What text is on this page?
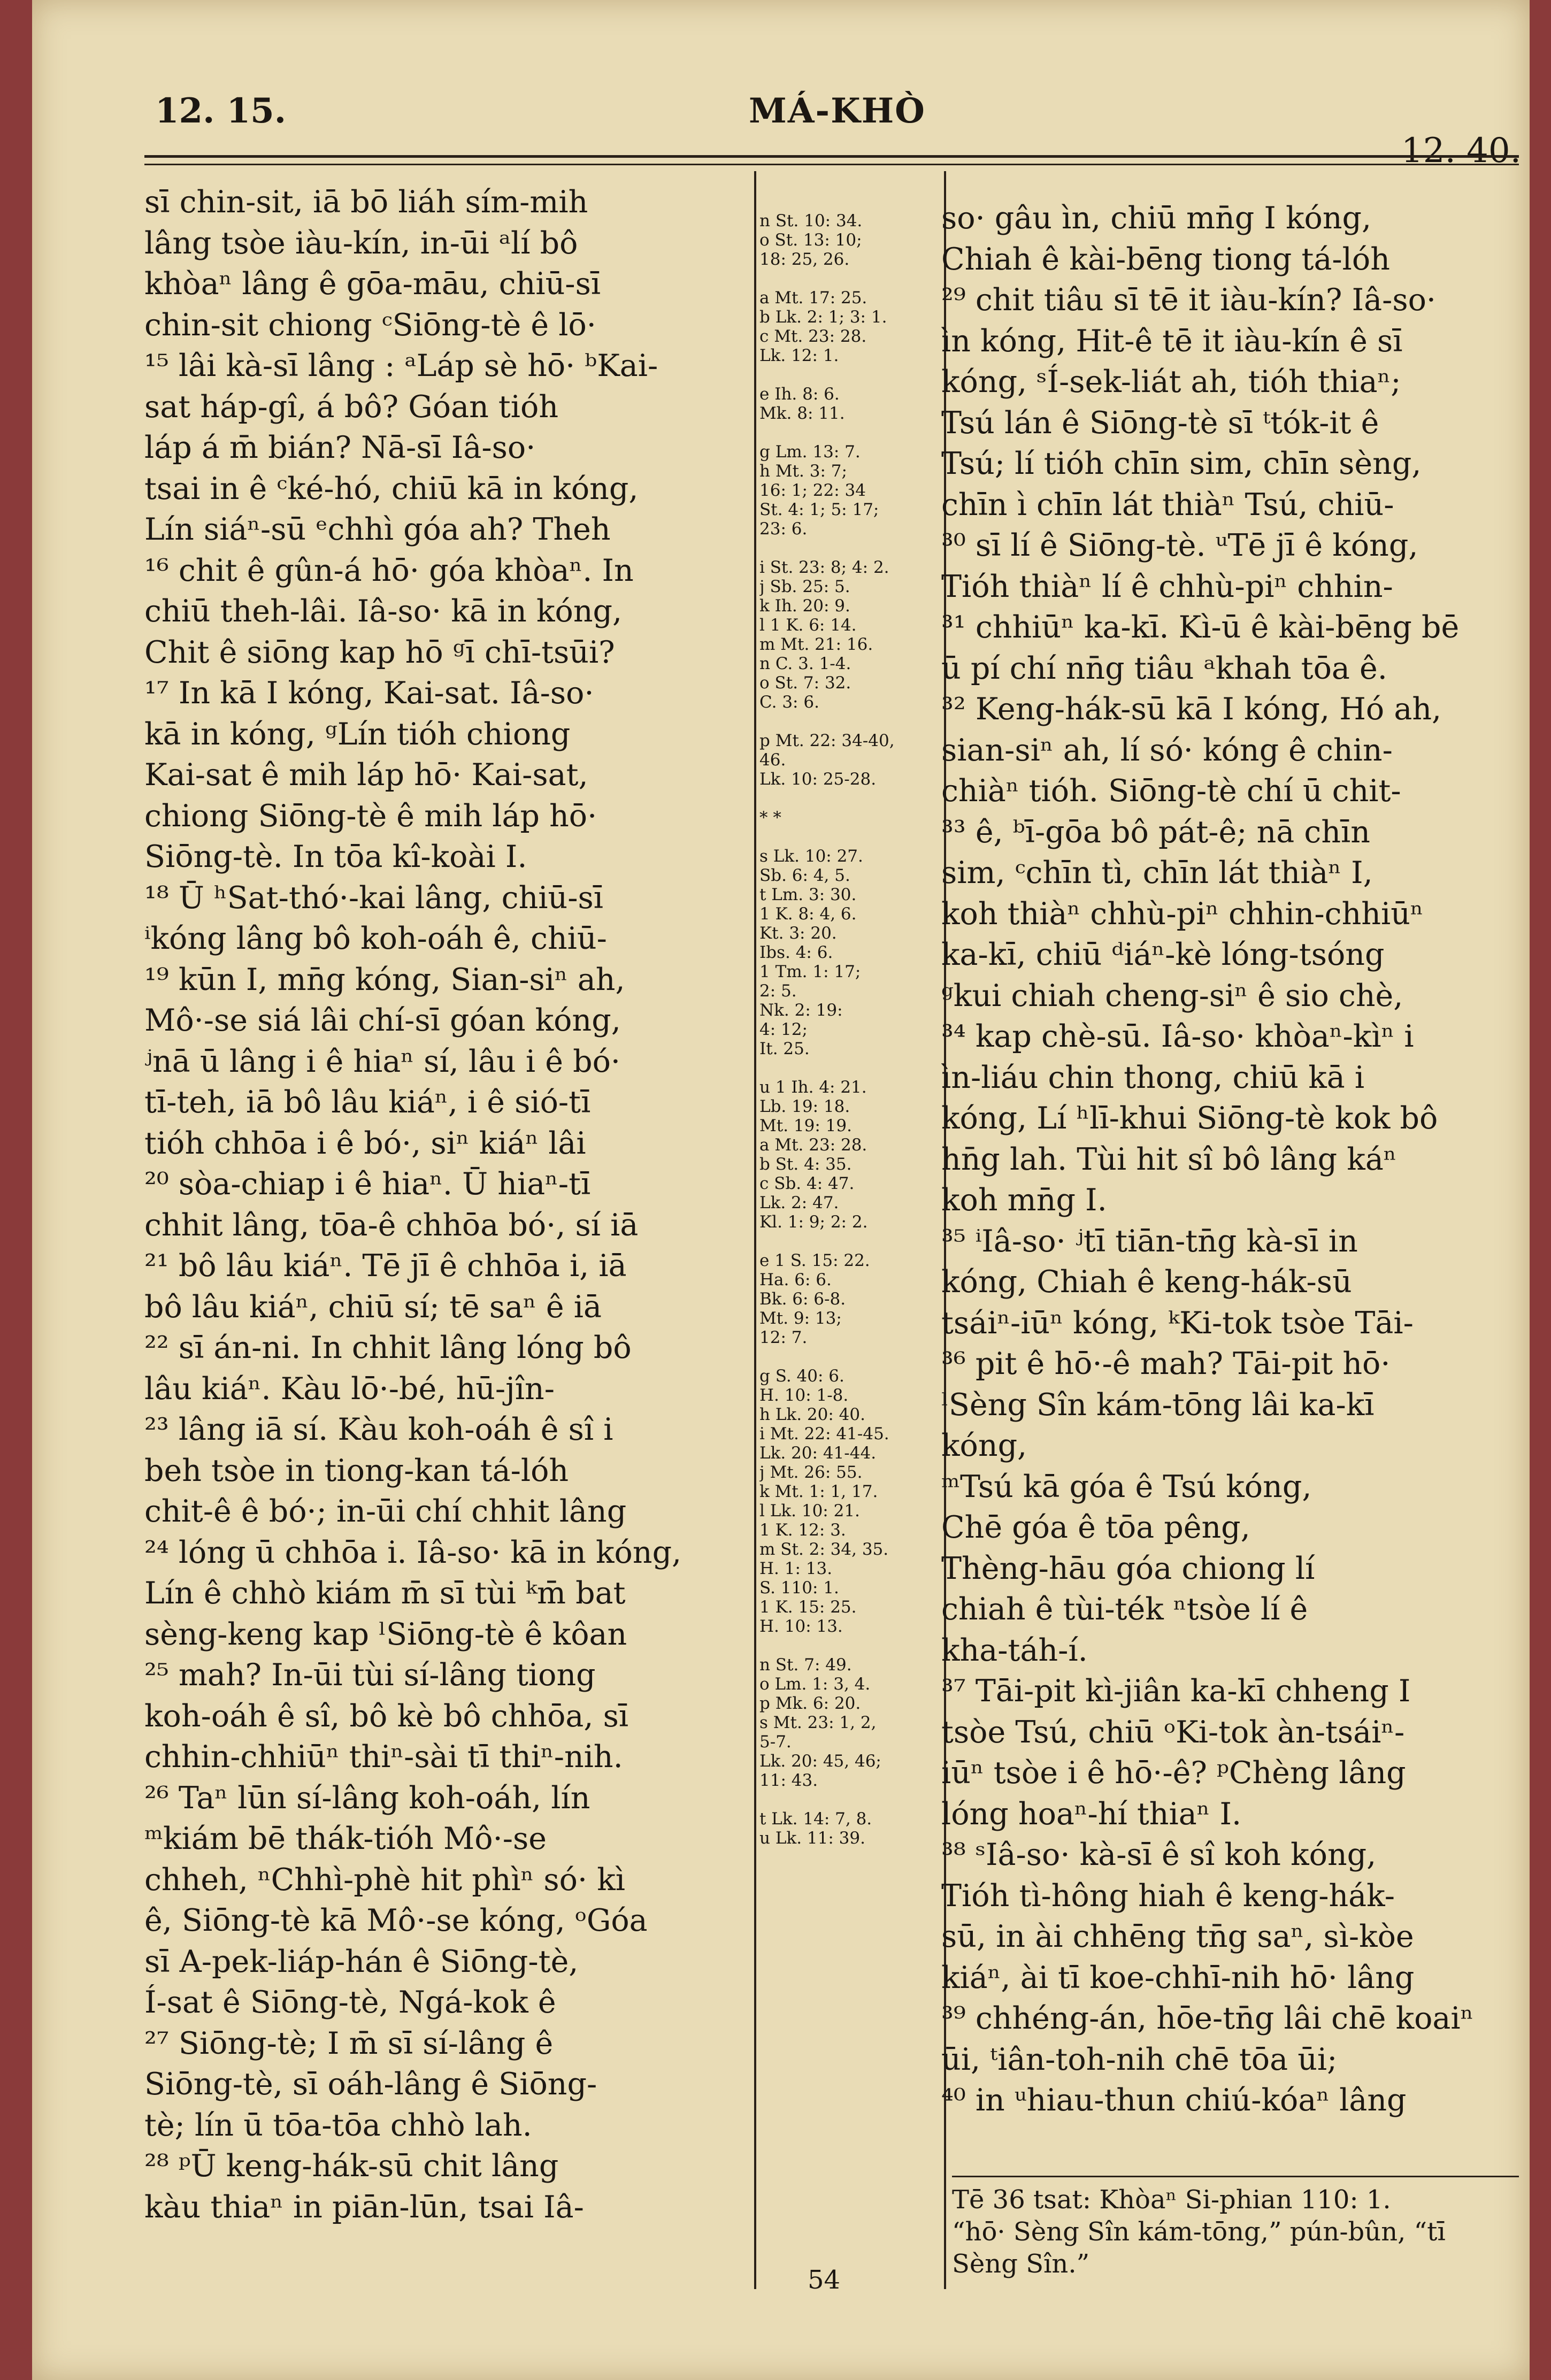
12. 15.	MÁ-KHÒ
12. 40.
sī chin-sit, iā bō liáh sím-mih
lâng tsòe iàu-kín, in-ūi ᵃlí bô
khòaⁿ lâng ê gōa-māu, chiū-sī
chin-sit chiong ᶜSiōng-tè ê lō·
¹⁵ lâi kà-sī lâng : ᵃLáp sè hō· ᵇKai-
sat háp-gî, á bô? Góan tióh
láp á m̄ bián? Nā-sī Iâ-so·
tsai in ê ᶜké-hó, chiū kā in kóng,
Lín siáⁿ-sū ᵉchhì góa ah? Theh
¹⁶ chit ê gûn-á hō· góa khòaⁿ. In
chiū theh-lâi. Iâ-so· kā in kóng,
Chit ê siōng kap hō ᵍī chī-tsūi?
¹⁷ In kā I kóng, Kai-sat. Iâ-so·
kā in kóng, ᵍLín tióh chiong
Kai-sat ê mih láp hō· Kai-sat,
chiong Siōng-tè ê mih láp hō·
Siōng-tè. In tōa kî-koài I.
¹⁸ Ū ʰSat-thó·-kai lâng, chiū-sī
ⁱkóng lâng bô koh-oáh ê, chiū-
¹⁹ kūn I, mn̄g kóng, Sian-siⁿ ah,
Mô·-se siá lâi chí-sī góan kóng,
ʲnā ū lâng i ê hiaⁿ sí, lâu i ê bó·
tī-teh, iā bô lâu kiáⁿ, i ê sió-tī
tióh chhōa i ê bó·, siⁿ kiáⁿ lâi
²⁰ sòa-chiap i ê hiaⁿ. Ū hiaⁿ-tī
chhit lâng, tōa-ê chhōa bó·, sí iā
²¹ bô lâu kiáⁿ. Tē jī ê chhōa i, iā
bô lâu kiáⁿ, chiū sí; tē saⁿ ê iā
²² sī án-ni. In chhit lâng lóng bô
lâu kiáⁿ. Kàu lō·-bé, hū-jîn-
²³ lâng iā sí. Kàu koh-oáh ê sî i
beh tsòe in tiong-kan tá-lóh
chit-ê ê bó·; in-ūi chí chhit lâng
²⁴ lóng ū chhōa i. Iâ-so· kā in kóng,
Lín ê chhò kiám m̄ sī tùi ᵏm̄ bat
sèng-keng kap ˡSiōng-tè ê kôan
²⁵ mah? In-ūi tùi sí-lâng tiong
koh-oáh ê sî, bô kè bô chhōa, sī
chhin-chhiūⁿ thiⁿ-sài tī thiⁿ-nih.
²⁶ Taⁿ lūn sí-lâng koh-oáh, lín
ᵐkiám bē thák-tióh Mô·-se
chheh, ⁿChhì-phè hit phìⁿ só· kì
ê, Siōng-tè kā Mô·-se kóng, ᵒGóa
sī A-pek-liáp-hán ê Siōng-tè,
Í-sat ê Siōng-tè, Ngá-kok ê
²⁷ Siōng-tè; I m̄ sī sí-lâng ê
Siōng-tè, sī oáh-lâng ê Siōng-
tè; lín ū tōa-tōa chhò lah.
²⁸ ᵖŪ keng-hák-sū chit lâng
kàu thiaⁿ in piān-lūn, tsai Iâ-
n St. 10: 34.
o St. 13: 10;
18: 25, 26.
a Mt. 17: 25.
b Lk. 2: 1; 3: 1.
c Mt. 23: 28.
Lk. 12: 1.
e Ih. 8: 6.
Mk. 8: 11.
g Lm. 13: 7.
h Mt. 3: 7;
16: 1; 22: 34
St. 4: 1; 5: 17;
23: 6.
i St. 23: 8; 4: 2.
j Sb. 25: 5.
k Ih. 20: 9.
l 1 K. 6: 14.
m Mt. 21: 16.
n C. 3. 1-4.
o St. 7: 32.
C. 3: 6.
p Mt. 22: 34-40,
46.
Lk. 10: 25-28.
* *
s Lk. 10: 27.
Sb. 6: 4, 5.
t Lm. 3: 30.
1 K. 8: 4, 6.
Kt. 3: 20.
Ibs. 4: 6.
1 Tm. 1: 17;
2: 5.
Nk. 2: 19:
4: 12;
It. 25.
u 1 Ih. 4: 21.
Lb. 19: 18.
Mt. 19: 19.
a Mt. 23: 28.
b St. 4: 35.
c Sb. 4: 47.
Lk. 2: 47.
Kl. 1: 9; 2: 2.
e 1 S. 15: 22.
Ha. 6: 6.
Bk. 6: 6-8.
Mt. 9: 13;
12: 7.
g S. 40: 6.
H. 10: 1-8.
h Lk. 20: 40.
i Mt. 22: 41-45.
Lk. 20: 41-44.
j Mt. 26: 55.
k Mt. 1: 1, 17.
l Lk. 10: 21.
1 K. 12: 3.
m St. 2: 34, 35.
H. 1: 13.
S. 110: 1.
1 K. 15: 25.
H. 10: 13.
n St. 7: 49.
o Lm. 1: 3, 4.
p Mk. 6: 20.
s Mt. 23: 1, 2,
5-7.
Lk. 20: 45, 46;
11: 43.
t Lk. 14: 7, 8.
u Lk. 11: 39.
so· gâu ìn, chiū mn̄g I kóng,
Chiah ê kài-bēng tiong tá-lóh
²⁹ chit tiâu sī tē it iàu-kín? Iâ-so·
ìn kóng, Hit-ê tē it iàu-kín ê sī
kóng, ˢÍ-sek-liát ah, tióh thiaⁿ;
Tsú lán ê Siōng-tè sī ᵗtók-it ê
Tsú; lí tióh chīn sim, chīn sèng,
chīn ì chīn lát thiàⁿ Tsú, chiū-
³⁰ sī lí ê Siōng-tè. ᵘTē jī ê kóng,
Tióh thiàⁿ lí ê chhù-piⁿ chhin-
³¹ chhiūⁿ ka-kī. Kì-ū ê kài-bēng bē
ū pí chí nn̄g tiâu ᵃkhah tōa ê.
³² Keng-hák-sū kā I kóng, Hó ah,
sian-siⁿ ah, lí só· kóng ê chin-
chiàⁿ tióh. Siōng-tè chí ū chit-
³³ ê, ᵇī-gōa bô pát-ê; nā chīn
sim, ᶜchīn tì, chīn lát thiàⁿ I,
koh thiàⁿ chhù-piⁿ chhin-chhiūⁿ
ka-kī, chiū ᵈiáⁿ-kè lóng-tsóng
ᵍkui chiah cheng-siⁿ ê sio chè,
³⁴ kap chè-sū. Iâ-so· khòaⁿ-kìⁿ i
ìn-liáu chin thong, chiū kā i
kóng, Lí ʰlī-khui Siōng-tè kok bô
hn̄g lah. Tùi hit sî bô lâng káⁿ
koh mn̄g I.
³⁵ ⁱIâ-so· ʲtī tiān-tn̄g kà-sī in
kóng, Chiah ê keng-hák-sū
tsáiⁿ-iūⁿ kóng, ᵏKi-tok tsòe Tāi-
³⁶ pit ê hō·-ê mah? Tāi-pit hō·
ˡSèng Sîn kám-tōng lâi ka-kī
kóng,
ᵐTsú kā góa ê Tsú kóng,
Chē góa ê tōa pêng,
Thèng-hāu góa chiong lí
chiah ê tùi-ték ⁿtsòe lí ê
kha-táh-í.
³⁷ Tāi-pit kì-jiân ka-kī chheng I
tsòe Tsú, chiū ᵒKi-tok àn-tsáiⁿ-
iūⁿ tsòe i ê hō·-ê? ᵖChèng lâng
lóng hoaⁿ-hí thiaⁿ I.
³⁸ ˢIâ-so· kà-sī ê sî koh kóng,
Tióh tì-hông hiah ê keng-hák-
sū, in ài chhēng tn̄g saⁿ, sì-kòe
kiáⁿ, ài tī koe-chhī-nih hō· lâng
³⁹ chhéng-án, hōe-tn̄g lâi chē koaiⁿ
ūi, ᵗiân-toh-nih chē tōa ūi;
⁴⁰ in ᵘhiau-thun chiú-kóaⁿ lâng
Tē 36 tsat: Khòaⁿ Si-phian 110: 1.
“hō· Sèng Sîn kám-tōng,” pún-bûn, “tī
Sèng Sîn.”
54
